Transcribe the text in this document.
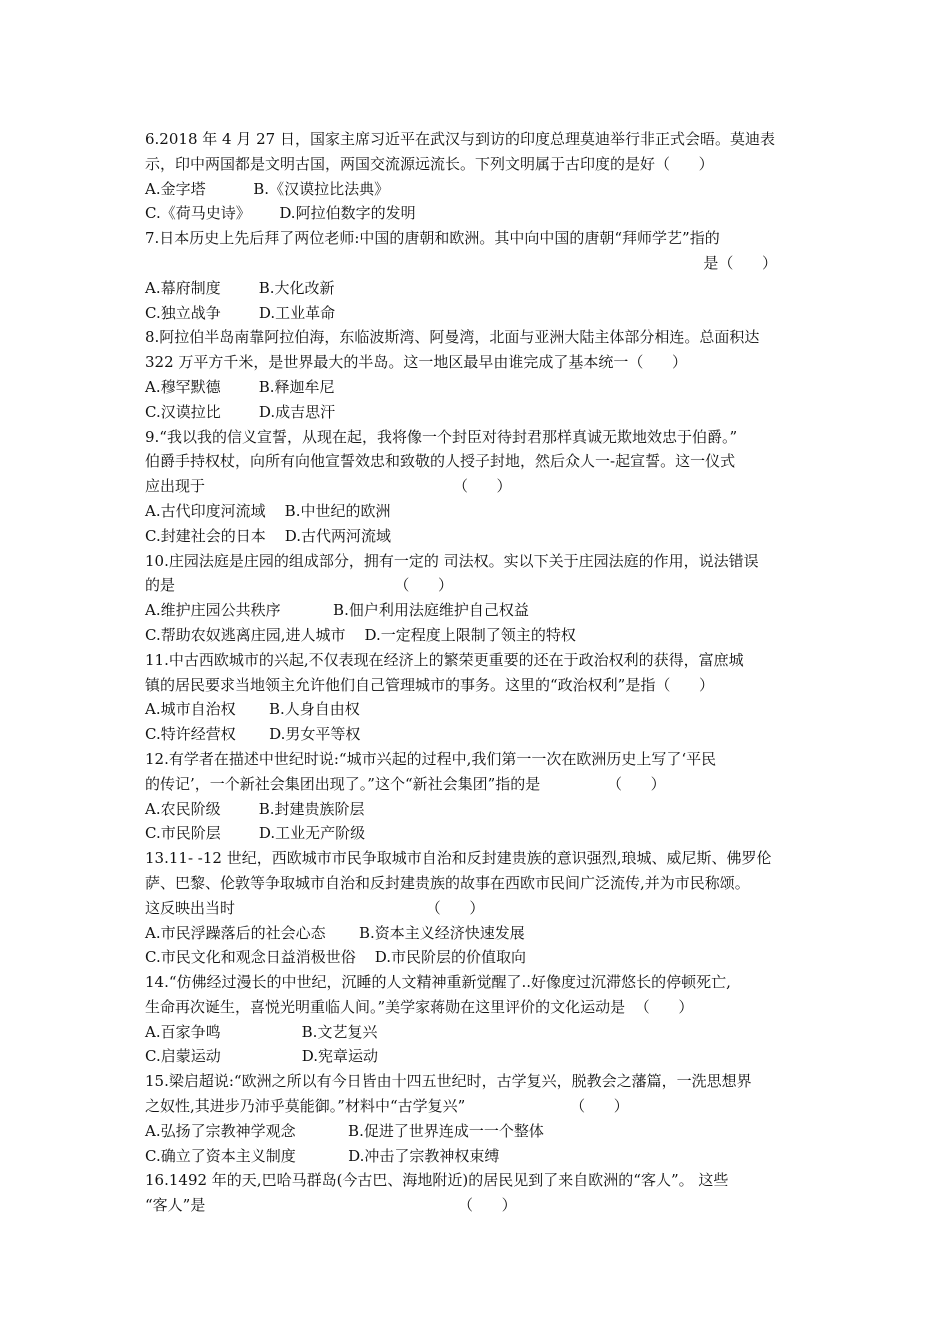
6.2018 年 4 月 27 日，国家主席习近平在武汉与到访的印度总理莫迪举行非正式会晤。莫迪表
示，印中两国都是文明古国，两国交流源远流长。下列文明属于古印度的是好（      ）
A.金字塔          B.《汉谟拉比法典》
C.《荷马史诗》      D.阿拉伯数字的发明
7.日本历史上先后拜了两位老师:中国的唐朝和欧洲。其中向中国的唐朝“拜师学艺”指的
是（      ）
A.幕府制度        B.大化改新
C.独立战争        D.工业革命
8.阿拉伯半岛南靠阿拉伯海，东临波斯湾、阿曼湾，北面与亚洲大陆主体部分相连。总面积达
322 万平方千米，是世界最大的半岛。这一地区最早由谁完成了基本统一（      ）
A.穆罕默德        B.释迦牟尼
C.汉谟拉比        D.成吉思汗
9.“我以我的信义宣誓，从现在起，我将像一个封臣对待封君那样真诚无欺地效忠于伯爵。”
伯爵手持权杖，向所有向他宣誓效忠和致敬的人授子封地，然后众人一-起宣誓。这一仪式
应出现于                                                    （      ）
A.古代印度河流域    B.中世纪的欧洲
C.封建社会的日本    D.古代两河流域
10.庄园法庭是庄园的组成部分，拥有一定的 司法权。实以下关于庄园法庭的作用，说法错误
的是                                              （      ）
A.维护庄园公共秩序           B.佃户利用法庭维护自己权益
C.帮助农奴逃离庄园,进人城市    D.一定程度上限制了领主的特权
11.中古西欧城市的兴起,不仅表现在经济上的繁荣更重要的还在于政治权利的获得，富庶城
镇的居民要求当地领主允许他们自己管理城市的事务。这里的“政治权利”是指（      ）
A.城市自治权       B.人身自由权
C.特许经营权       D.男女平等权
12.有学者在描述中世纪时说:“城市兴起的过程中,我们第一一次在欧洲历史上写了‘平民
的传记’，一个新社会集团出现了。”这个“新社会集团”指的是              （      ）
A.农民阶级        B.封建贵族阶层
C.市民阶层        D.工业无产阶级
13.11- -12 世纪，西欧城市市民争取城市自治和反封建贵族的意识强烈,琅城、威尼斯、佛罗伦
萨、巴黎、伦敦等争取城市自治和反封建贵族的故事在西欧市民间广泛流传,并为市民称颂。
这反映出当时                                        （      ）
A.市民浮躁落后的社会心态       B.资本主义经济快速发展
C.市民文化和观念日益消极世俗    D.市民阶层的价值取向
14.“仿佛经过漫长的中世纪，沉睡的人文精神重新觉醒了..好像度过沉滞悠长的停顿死亡,
生命再次诞生，喜悦光明重临人间。”美学家蒋勋在这里评价的文化运动是  （      ）
A.百家争鸣                 B.文艺复兴
C.启蒙运动                 D.宪章运动
15.梁启超说:“欧洲之所以有今日皆由十四五世纪时，古学复兴，脱教会之藩篇，一洗思想界
之奴性,其进步乃沛乎莫能御。”材料中“古学复兴”                      （      ）
A.弘扬了宗教神学观念           B.促进了世界连成一一个整体
C.确立了资本主义制度           D.冲击了宗教神权束缚
16.1492 年的天,巴哈马群岛(今古巴、海地附近)的居民见到了来自欧洲的“客人”。 这些
“客人”是                                                     （      ）
